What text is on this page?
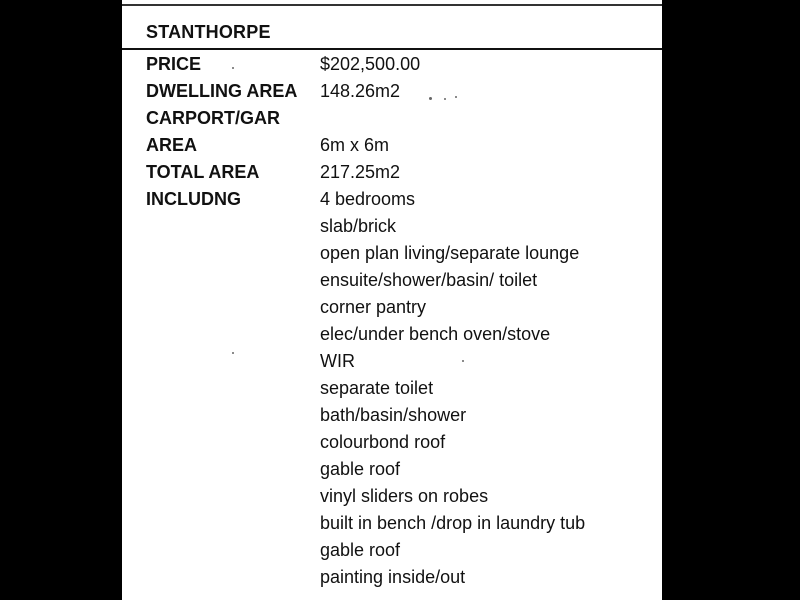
STANTHORPE
PRICE	$202,500.00
DWELLING AREA 148.26m2
CARPORT/GAR
AREA	6m x 6m
TOTAL AREA	217.25m2
INCLUDNG	4 bedrooms
slab/brick
open plan living/separate lounge
ensuite/shower/basin/ toilet
corner pantry
elec/under bench oven/stove
WIR
separate toilet
bath/basin/shower
colourbond roof
gable roof
vinyl sliders on robes
built in bench /drop in laundry tub
gable roof
painting inside/out
